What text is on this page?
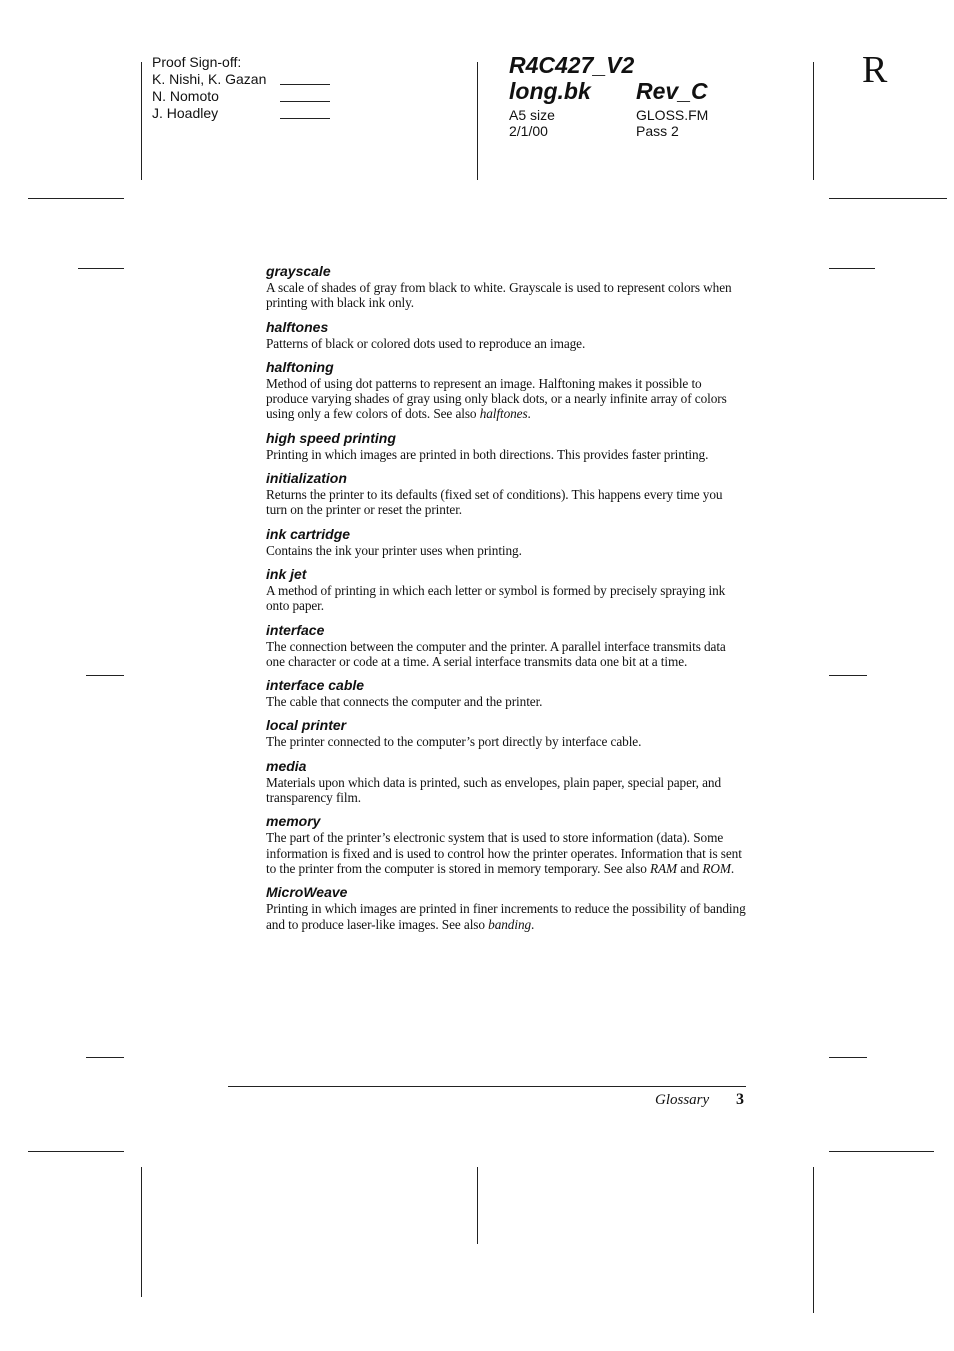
Proof Sign-off:
K. Nishi, K. Gazan
N. Nomoto
J. Hoadley
R4C427_V2
long.bk Rev_C
A5 size
2/1/00
GLOSS.FM
Pass 2
R
grayscale
A scale of shades of gray from black to white. Grayscale is used to represent colors when printing with black ink only.
halftones
Patterns of black or colored dots used to reproduce an image.
halftoning
Method of using dot patterns to represent an image. Halftoning makes it possible to produce varying shades of gray using only black dots, or a nearly infinite array of colors using only a few colors of dots. See also halftones.
high speed printing
Printing in which images are printed in both directions. This provides faster printing.
initialization
Returns the printer to its defaults (fixed set of conditions). This happens every time you turn on the printer or reset the printer.
ink cartridge
Contains the ink your printer uses when printing.
ink jet
A method of printing in which each letter or symbol is formed by precisely spraying ink onto paper.
interface
The connection between the computer and the printer. A parallel interface transmits data one character or code at a time. A serial interface transmits data one bit at a time.
interface cable
The cable that connects the computer and the printer.
local printer
The printer connected to the computer’s port directly by interface cable.
media
Materials upon which data is printed, such as envelopes, plain paper, special paper, and transparency film.
memory
The part of the printer’s electronic system that is used to store information (data). Some information is fixed and is used to control how the printer operates. Information that is sent to the printer from the computer is stored in memory temporary. See also RAM and ROM.
MicroWeave
Printing in which images are printed in finer increments to reduce the possibility of banding and to produce laser-like images. See also banding.
Glossary 3
